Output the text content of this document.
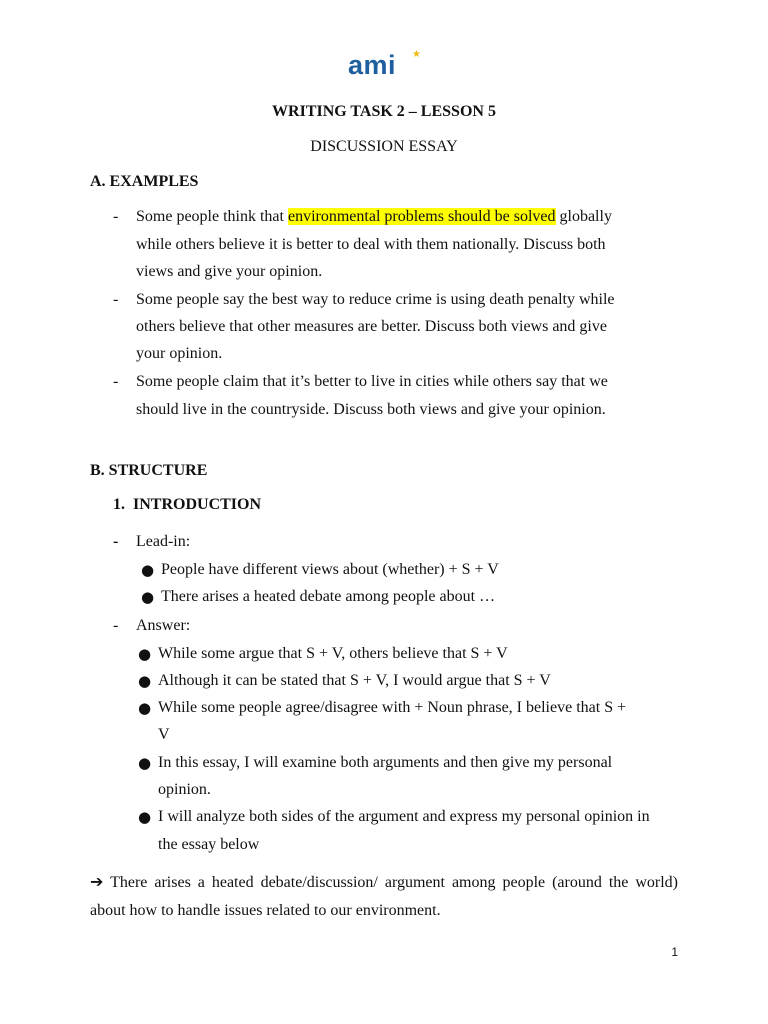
ami ★
WRITING TASK 2 – LESSON 5
DISCUSSION ESSAY
A. EXAMPLES
- Some people think that environmental problems should be solved globally
while others believe it is better to deal with them nationally. Discuss both
views and give your opinion.
- Some people say the best way to reduce crime is using death penalty while
others believe that other measures are better. Discuss both views and give
your opinion.
- Some people claim that it’s better to live in cities while others say that we
should live in the countryside. Discuss both views and give your opinion.
B. STRUCTURE
1.  INTRODUCTION
- Lead-in:
● People have different views about (whether) + S + V
● There arises a heated debate among people about …
- Answer:
● While some argue that S + V, others believe that S + V
● Although it can be stated that S + V, I would argue that S + V
● While some people agree/disagree with + Noun phrase, I believe that S +
V
● In this essay, I will examine both arguments and then give my personal
opinion.
● I will analyze both sides of the argument and express my personal opinion in
the essay below
➔ There arises a heated debate/discussion/ argument among people (around the world) about how to handle issues related to our environment.
1
